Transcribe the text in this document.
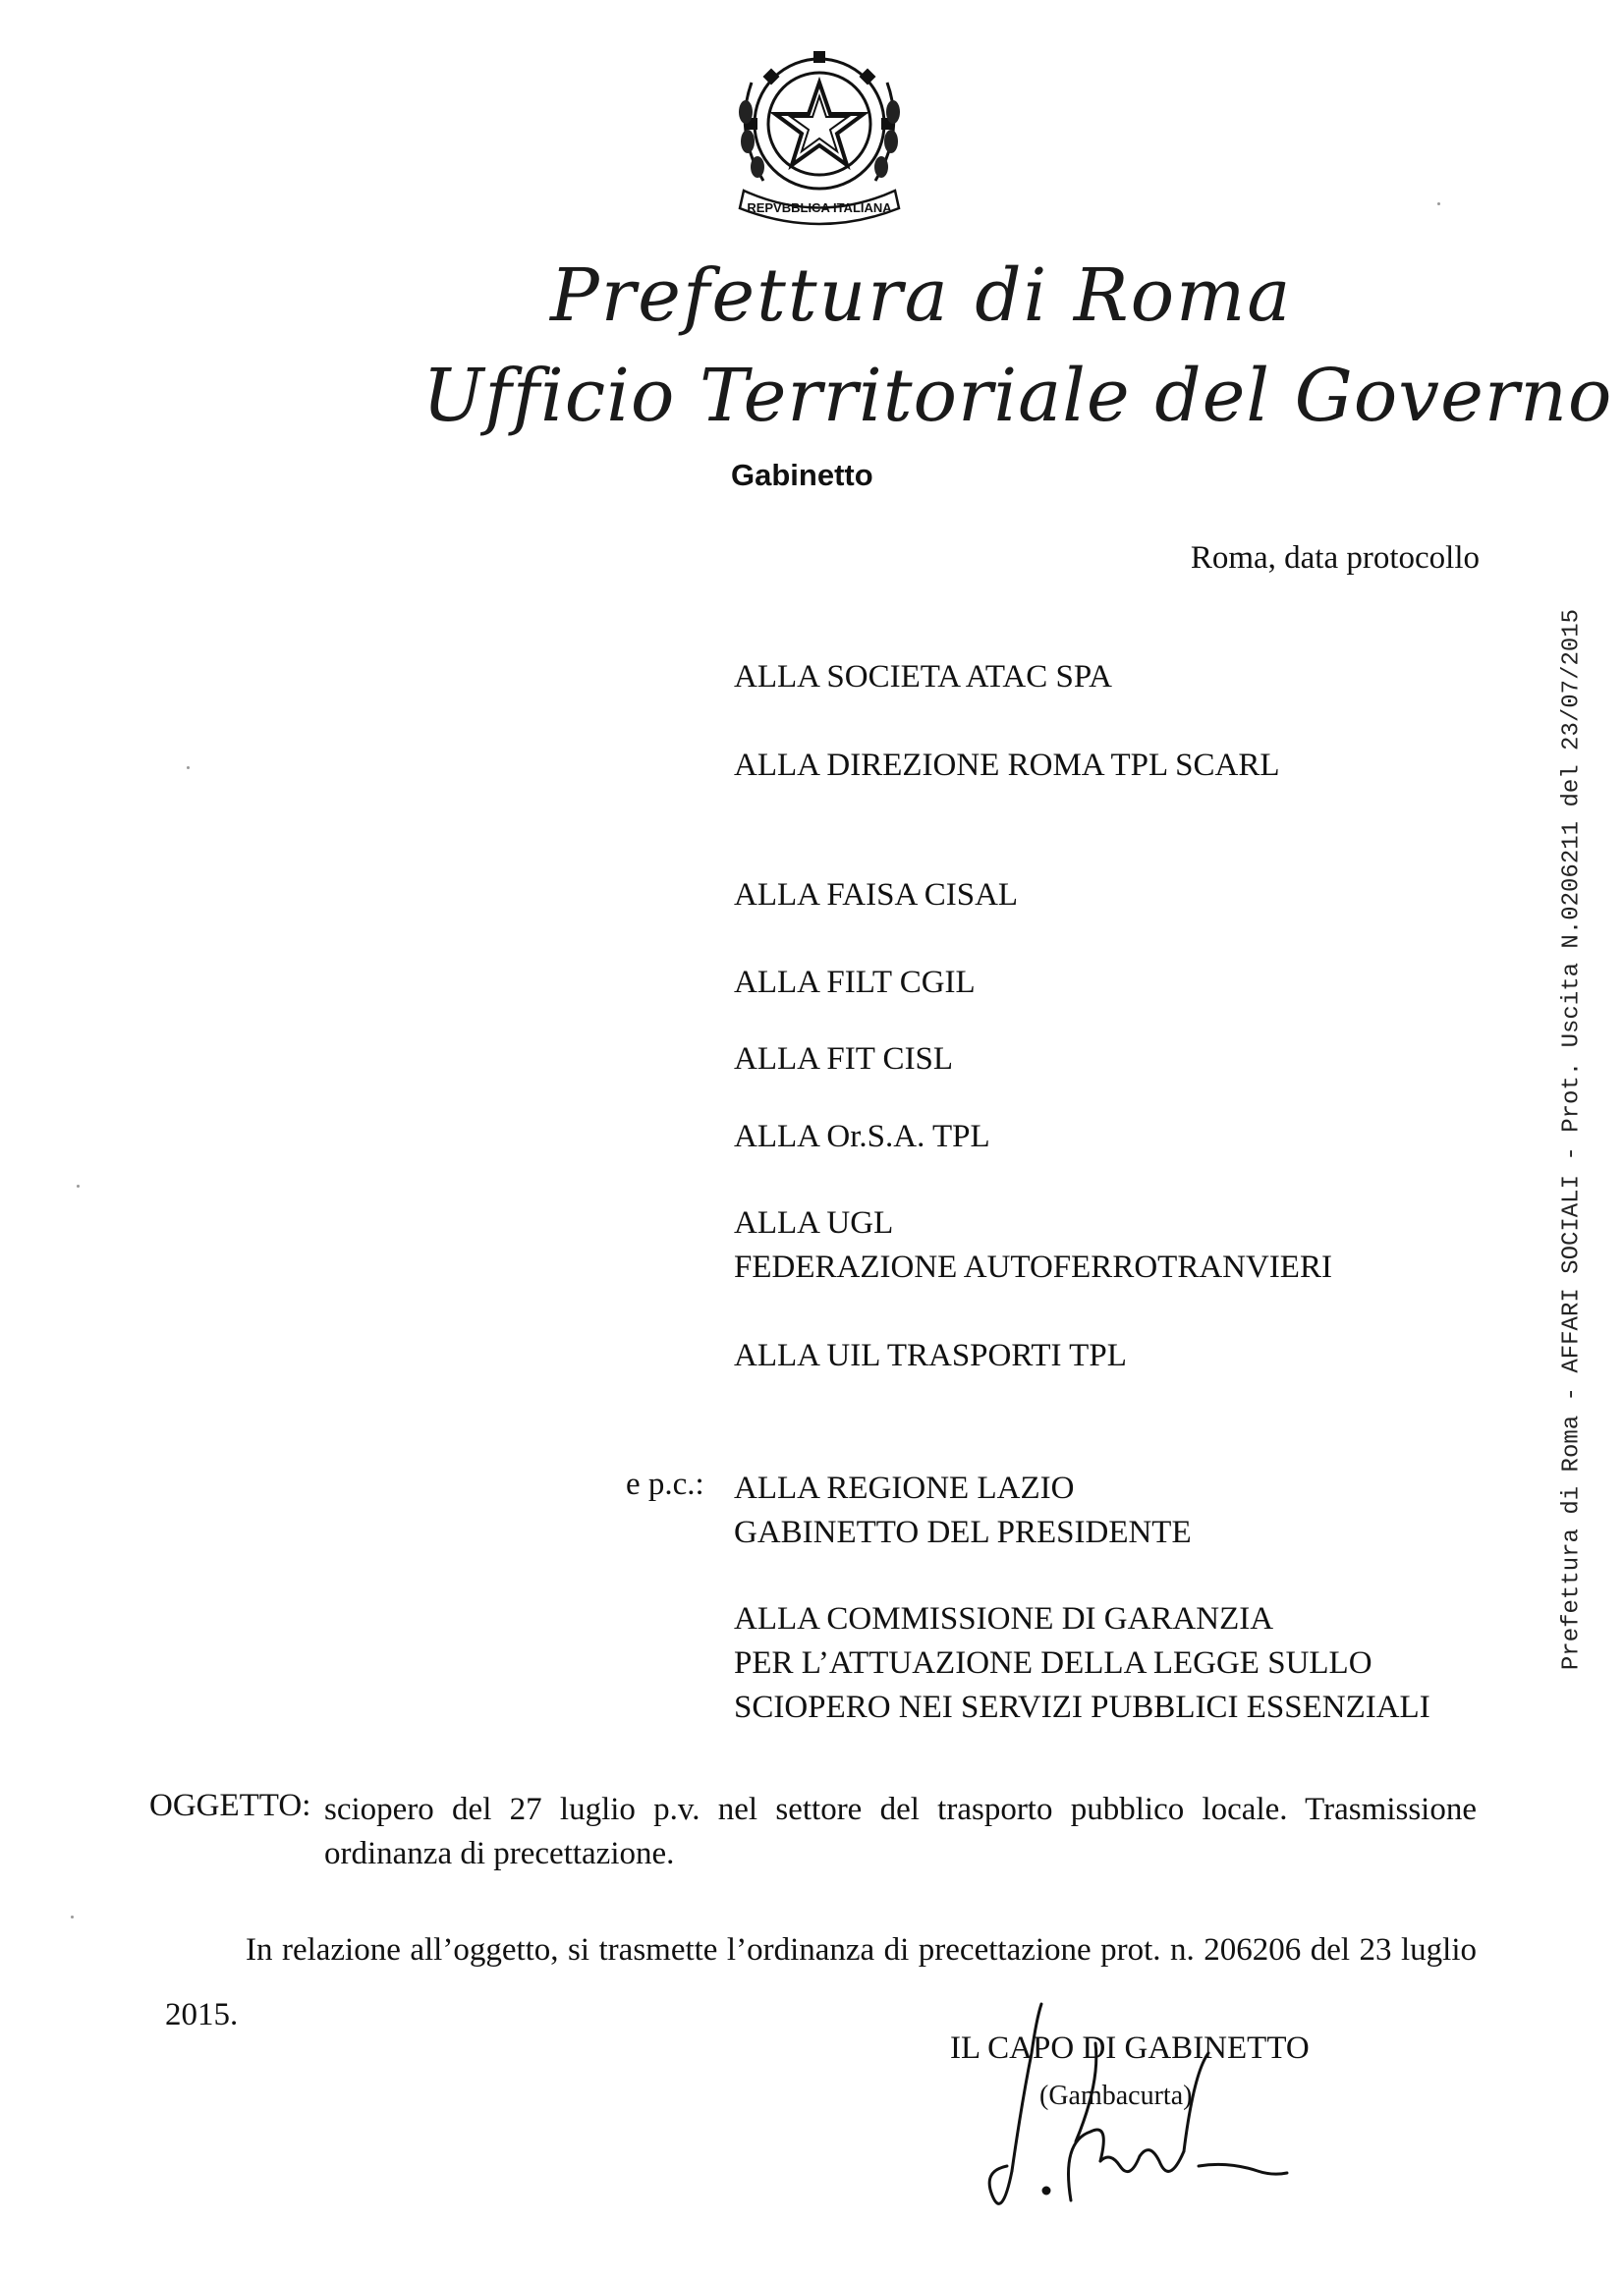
REPVBBLICA ITALIANA
Prefettura di Roma
Ufficio Territoriale del Governo
Gabinetto
Roma, data protocollo
ALLA SOCIETA ATAC SPA
ALLA DIREZIONE ROMA TPL SCARL
ALLA FAISA CISAL
ALLA FILT CGIL
ALLA FIT CISL
ALLA Or.S.A. TPL
ALLA UGL
FEDERAZIONE AUTOFERROTRANVIERI
ALLA UIL TRASPORTI TPL
e p.c.: ALLA REGIONE LAZIO
GABINETTO DEL PRESIDENTE
ALLA COMMISSIONE DI GARANZIA
PER L’ATTUAZIONE DELLA LEGGE SULLO
SCIOPERO NEI SERVIZI PUBBLICI ESSENZIALI
OGGETTO: sciopero del 27 luglio p.v. nel settore del trasporto pubblico locale. Trasmissione ordinanza di precettazione.
In relazione all’oggetto, si trasmette l’ordinanza di precettazione prot. n. 206206 del 23 luglio 2015.
IL CAPO DI GABINETTO
(Gambacurta)
Prefettura di Roma - AFFARI SOCIALI - Prot. Uscita N.0206211 del 23/07/2015
